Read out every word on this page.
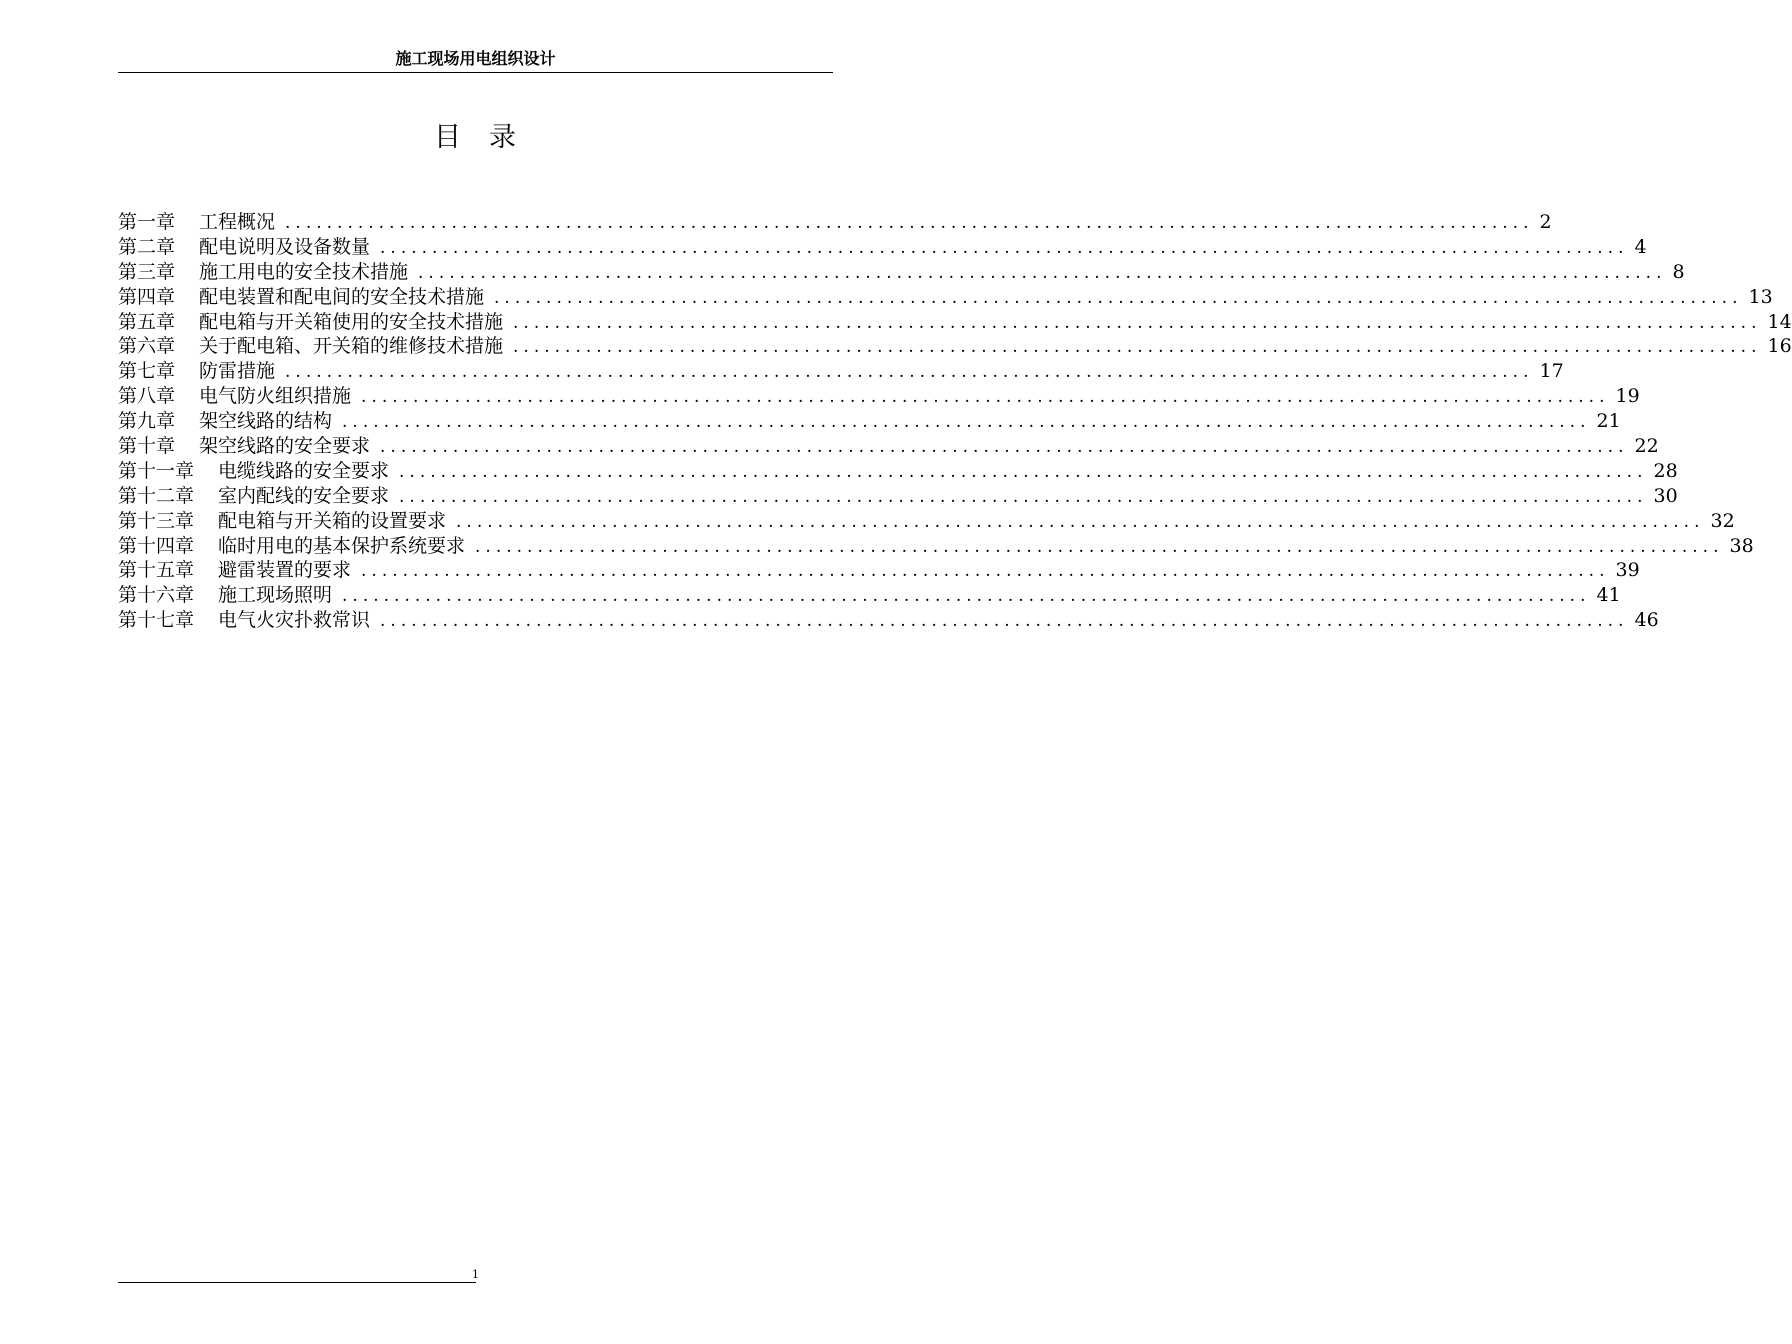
施工现场用电组织设计
目录
第一章 工程概况 ........................................................................................................................ 2
第二章 配电说明及设备数量 ........................................................................................................................ 4
第三章 施工用电的安全技术措施 ........................................................................................................................ 8
第四章 配电装置和配电间的安全技术措施 ........................................................................................................................ 13
第五章 配电箱与开关箱使用的安全技术措施 ........................................................................................................................ 14
第六章 关于配电箱、开关箱的维修技术措施 ........................................................................................................................ 16
第七章 防雷措施 ........................................................................................................................ 17
第八章 电气防火组织措施 ........................................................................................................................ 19
第九章 架空线路的结构 ........................................................................................................................ 21
第十章 架空线路的安全要求 ........................................................................................................................ 22
第十一章 电缆线路的安全要求 ........................................................................................................................ 28
第十二章 室内配线的安全要求 ........................................................................................................................ 30
第十三章 配电箱与开关箱的设置要求 ........................................................................................................................ 32
第十四章 临时用电的基本保护系统要求 ........................................................................................................................ 38
第十五章 避雷装置的要求 ........................................................................................................................ 39
第十六章 施工现场照明 ........................................................................................................................ 41
第十七章 电气火灾扑救常识 ........................................................................................................................ 46
1
